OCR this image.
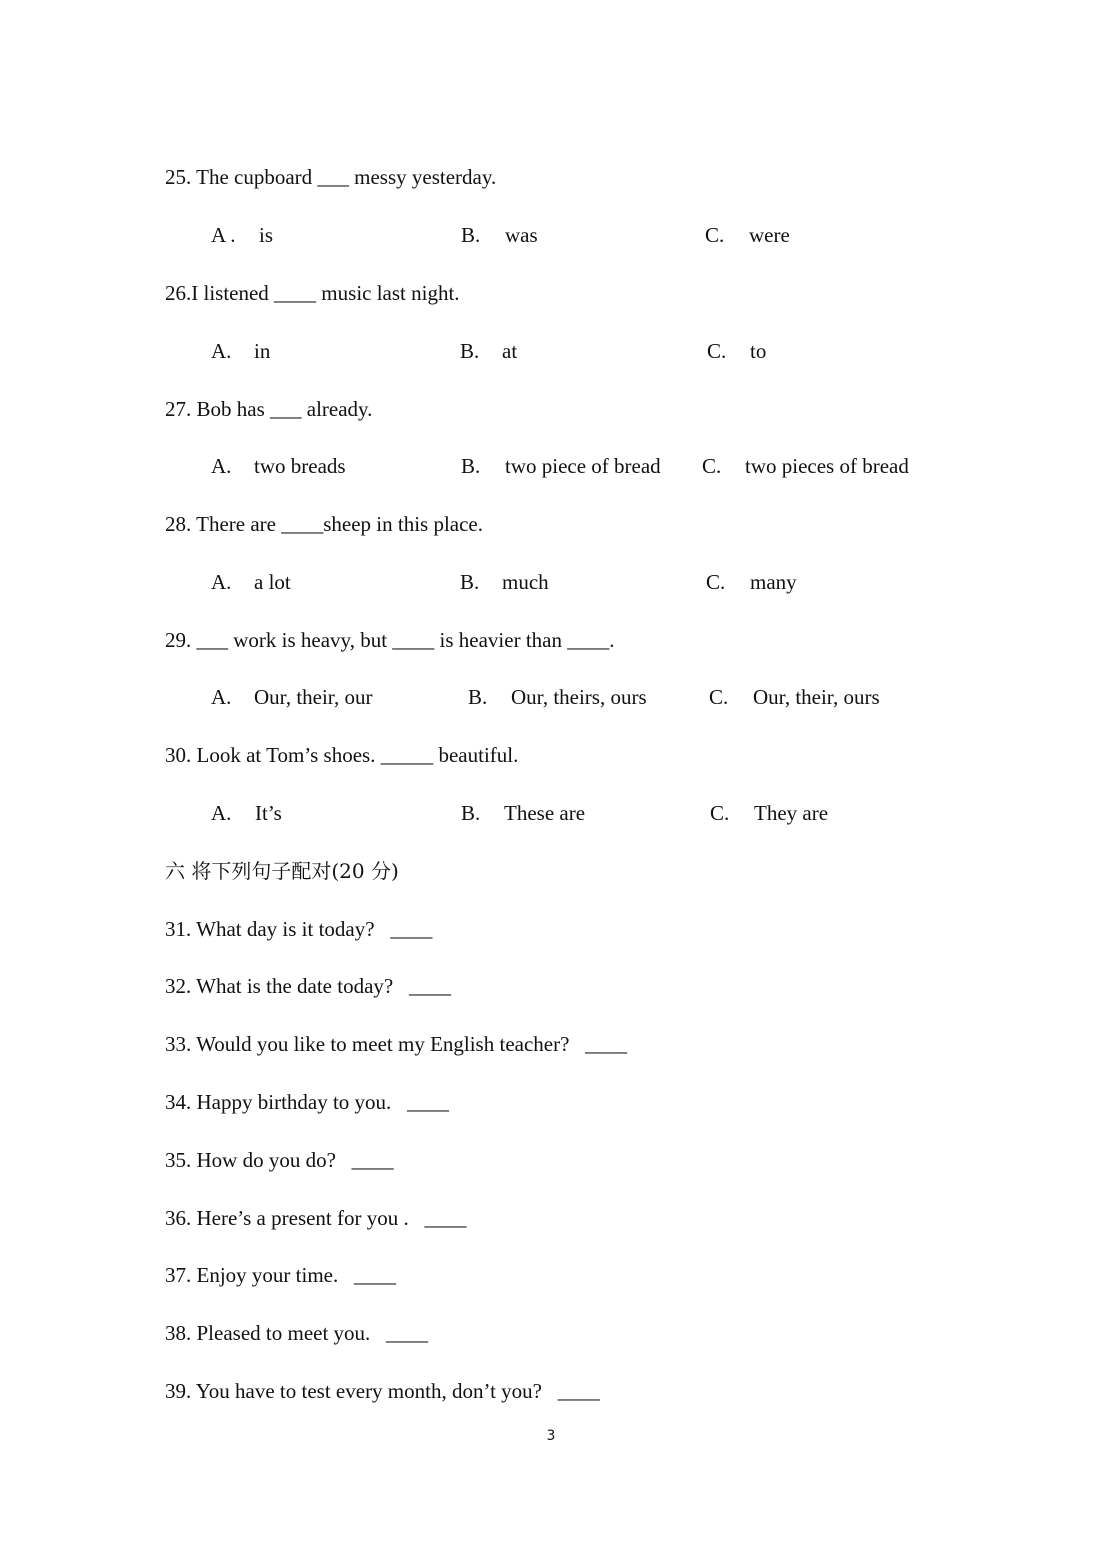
25. The cupboard ___ messy yesterday.
A . is	B. was	C. were
26.I listened ____ music last night.
A. in	B. at	C. to
27. Bob has ___ already.
A. two breads	B. two piece of bread C. two pieces of bread
28. There are ____sheep in this place.
A. a lot	B. much	C. many
29. ___ work is heavy, but ____ is heavier than ____.
A. Our, their, our	B. Our, theirs, ours	C. Our, their, ours
30. Look at Tom’s shoes. _____ beautiful.
A. It’s	B. These are	C. They are
六 将下列句子配对(20 分)
31. What day is it today?   ____
32. What is the date today?   ____
33. Would you like to meet my English teacher?   ____
34. Happy birthday to you.   ____
35. How do you do?   ____
36. Here’s a present for you .   ____
37. Enjoy your time.   ____
38. Pleased to meet you.   ____
39. You have to test every month, don’t you?   ____
3
